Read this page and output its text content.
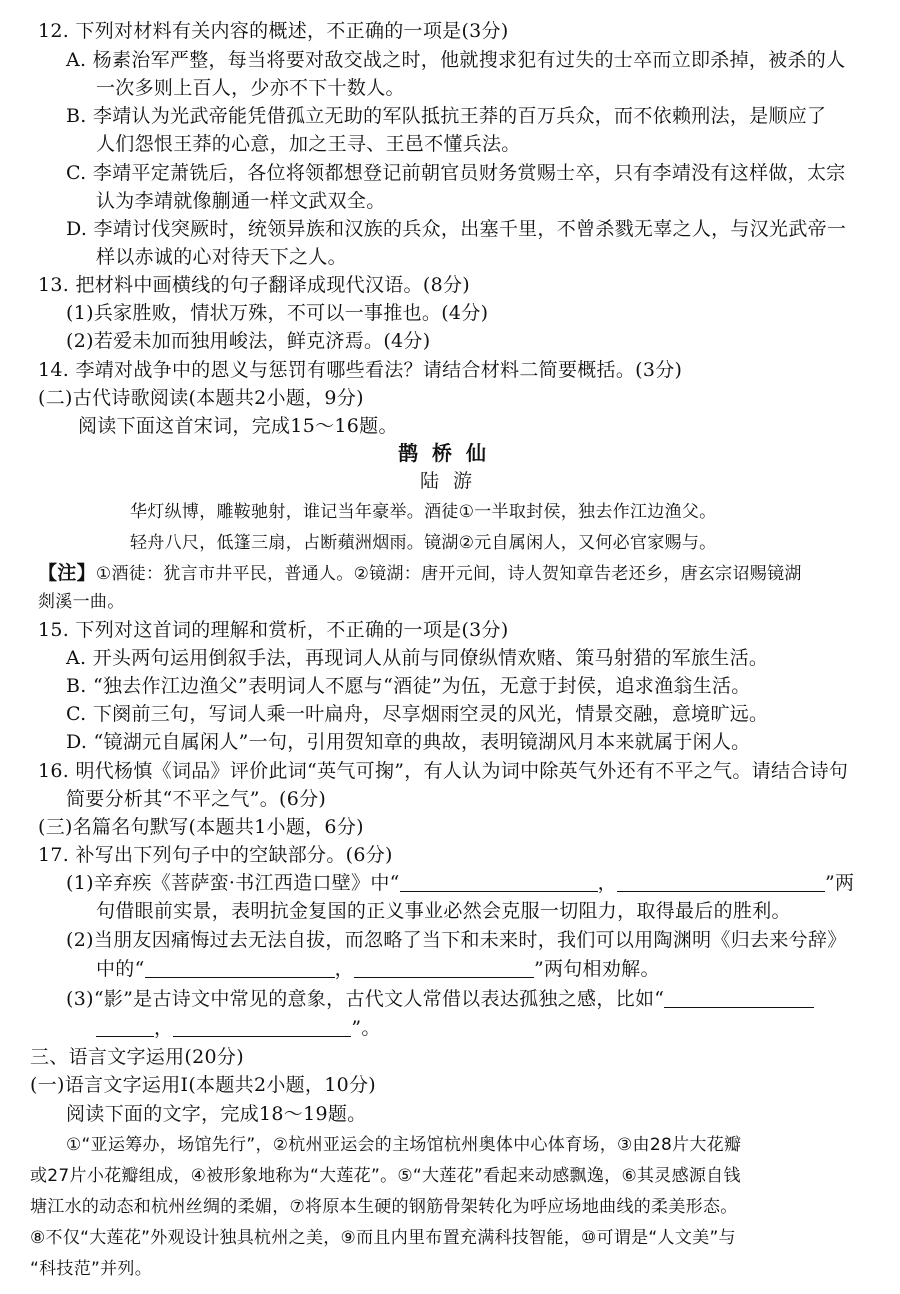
12. 下列对材料有关内容的概述，不正确的一项是(3分)
A. 杨素治军严整，每当将要对敌交战之时，他就搜求犯有过失的士卒而立即杀掉，被杀的人
一次多则上百人，少亦不下十数人。
B. 李靖认为光武帝能凭借孤立无助的军队抵抗王莽的百万兵众，而不依赖刑法，是顺应了
人们怨恨王莽的心意，加之王寻、王邑不懂兵法。
C. 李靖平定萧铣后，各位将领都想登记前朝官员财务赏赐士卒，只有李靖没有这样做，太宗
认为李靖就像蒯通一样文武双全。
D. 李靖讨伐突厥时，统领异族和汉族的兵众，出塞千里，不曾杀戮无辜之人，与汉光武帝一
样以赤诚的心对待天下之人。
13. 把材料中画横线的句子翻译成现代汉语。(8分)
(1)兵家胜败，情状万殊，不可以一事推也。(4分)
(2)若爱未加而独用峻法，鲜克济焉。(4分)
14. 李靖对战争中的恩义与惩罚有哪些看法？请结合材料二简要概括。(3分)
(二)古代诗歌阅读(本题共2小题，9分)
阅读下面这首宋词，完成15～16题。
鹊桥仙
陆游
华灯纵博，雕鞍驰射，谁记当年豪举。酒徒①一半取封侯，独去作江边渔父。
轻舟八尺，低篷三扇，占断蘋洲烟雨。镜湖②元自属闲人，又何必官家赐与。
【注】①酒徒：犹言市井平民，普通人。②镜湖：唐开元间，诗人贺知章告老还乡，唐玄宗诏赐镜湖
剡溪一曲。
15. 下列对这首词的理解和赏析，不正确的一项是(3分)
A. 开头两句运用倒叙手法，再现词人从前与同僚纵情欢赌、策马射猎的军旅生活。
B. “独去作江边渔父”表明词人不愿与“酒徒”为伍，无意于封侯，追求渔翁生活。
C. 下阕前三句，写词人乘一叶扁舟，尽享烟雨空灵的风光，情景交融，意境旷远。
D. “镜湖元自属闲人”一句，引用贺知章的典故，表明镜湖风月本来就属于闲人。
16. 明代杨慎《词品》评价此词“英气可掬”，有人认为词中除英气外还有不平之气。请结合诗句
简要分析其“不平之气”。(6分)
(三)名篇名句默写(本题共1小题，6分)
17. 补写出下列句子中的空缺部分。(6分)
(1)辛弃疾《菩萨蛮·书江西造口壁》中“	，	”两
句借眼前实景，表明抗金复国的正义事业必然会克服一切阻力，取得最后的胜利。
(2)当朋友因痛悔过去无法自拔，而忽略了当下和未来时，我们可以用陶渊明《归去来兮辞》
中的“	，	”两句相劝解。
(3)“影”是古诗文中常见的意象，古代文人常借以表达孤独之感，比如“
，	”。
三、语言文字运用(20分)
(一)语言文字运用Ⅰ(本题共2小题，10分)
阅读下面的文字，完成18～19题。
①“亚运筹办，场馆先行”，②杭州亚运会的主场馆杭州奥体中心体育场，③由28片大花瓣
或27片小花瓣组成，④被形象地称为“大莲花”。⑤“大莲花”看起来动感飘逸，⑥其灵感源自钱
塘江水的动态和杭州丝绸的柔媚，⑦将原本生硬的钢筋骨架转化为呼应场地曲线的柔美形态。
⑧不仅“大莲花”外观设计独具杭州之美，⑨而且内里布置充满科技智能，⑩可谓是“人文美”与
“科技范”并列。
